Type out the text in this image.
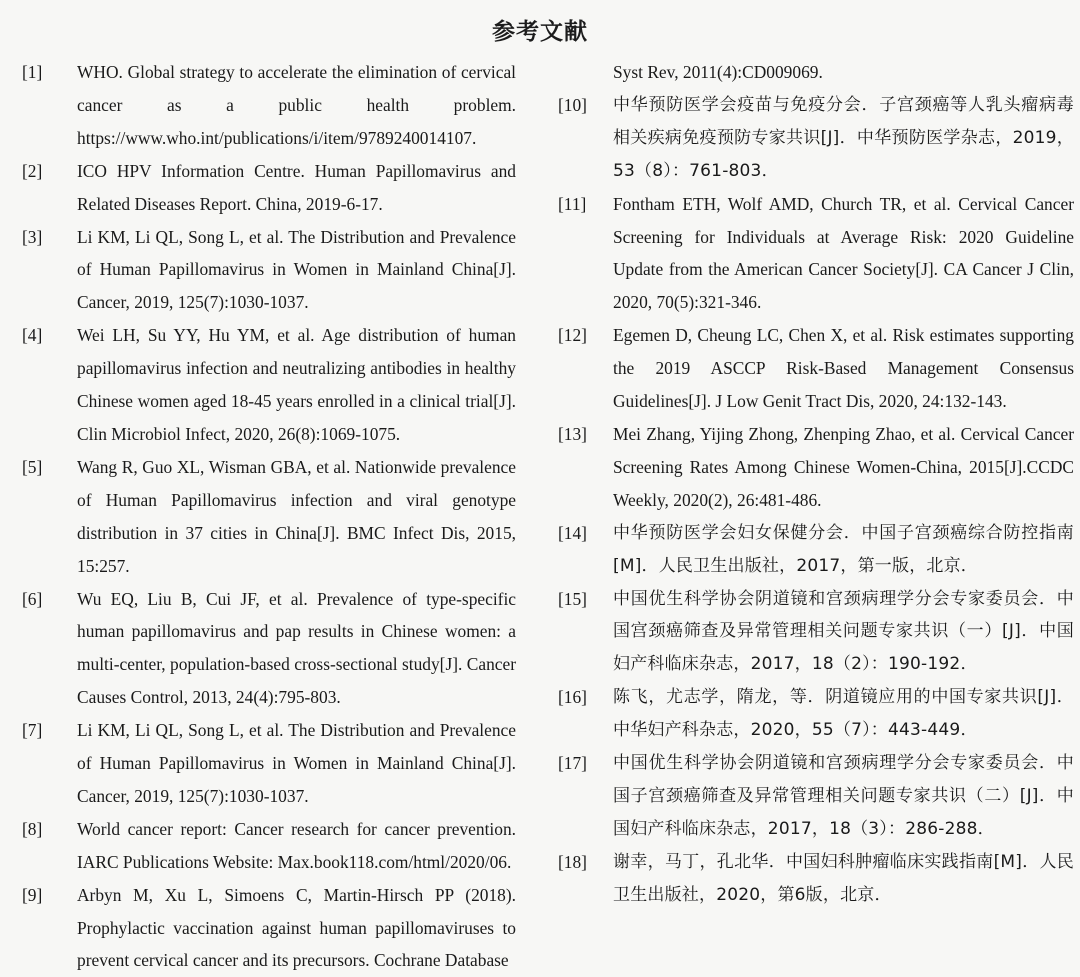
参考文献
[1]	WHO. Global strategy to accelerate the elimination of cervical cancer as a public health problem. https://www.who.int/publications/i/item/9789240014107.
[2]	ICO HPV Information Centre. Human Papillomavirus and Related Diseases Report. China, 2019-6-17.
[3]	Li KM, Li QL, Song L, et al. The Distribution and Prevalence of Human Papillomavirus in Women in Mainland China[J]. Cancer, 2019, 125(7):1030-1037.
[4]	Wei LH, Su YY, Hu YM, et al. Age distribution of human papillomavirus infection and neutralizing antibodies in healthy Chinese women aged 18-45 years enrolled in a clinical trial[J]. Clin Microbiol Infect, 2020, 26(8):1069-1075.
[5]	Wang R, Guo XL, Wisman GBA, et al. Nationwide prevalence of Human Papillomavirus infection and viral genotype distribution in 37 cities in China[J]. BMC Infect Dis, 2015, 15:257.
[6]	Wu EQ, Liu B, Cui JF, et al. Prevalence of type-specific human papillomavirus and pap results in Chinese women: a multi-center, population-based cross-sectional study[J]. Cancer Causes Control, 2013, 24(4):795-803.
[7]	Li KM, Li QL, Song L, et al. The Distribution and Prevalence of Human Papillomavirus in Women in Mainland China[J]. Cancer, 2019, 125(7):1030-1037.
[8]	World cancer report: Cancer research for cancer prevention. IARC Publications Website: Max.book118.com/html/2020/06.
[9]	Arbyn M, Xu L, Simoens C, Martin-Hirsch PP (2018). Prophylactic vaccination against human papillomaviruses to prevent cervical cancer and its precursors. Cochrane Database
Syst Rev, 2011(4):CD009069.
[10]	中华预防医学会疫苗与免疫分会．子宫颈癌等人乳头瘤病毒相关疾病免疫预防专家共识[J]．中华预防医学杂志，2019，53（8）：761-803．
[11]	Fontham ETH, Wolf AMD, Church TR, et al. Cervical Cancer Screening for Individuals at Average Risk: 2020 Guideline Update from the American Cancer Society[J]. CA Cancer J Clin, 2020, 70(5):321-346.
[12]	Egemen D, Cheung LC, Chen X, et al. Risk estimates supporting the 2019 ASCCP Risk-Based Management Consensus Guidelines[J]. J Low Genit Tract Dis, 2020, 24:132-143.
[13]	Mei Zhang, Yijing Zhong, Zhenping Zhao, et al. Cervical Cancer Screening Rates Among Chinese Women-China, 2015[J].CCDC Weekly, 2020(2), 26:481-486.
[14]	中华预防医学会妇女保健分会．中国子宫颈癌综合防控指南[M]．人民卫生出版社，2017，第一版，北京．
[15]	中国优生科学协会阴道镜和宫颈病理学分会专家委员会．中国宫颈癌筛查及异常管理相关问题专家共识（一）[J]．中国妇产科临床杂志，2017，18（2）：190-192．
[16]	陈飞，尤志学，隋龙，等．阴道镜应用的中国专家共识[J]．中华妇产科杂志，2020，55（7）：443-449．
[17]	中国优生科学协会阴道镜和宫颈病理学分会专家委员会．中国子宫颈癌筛查及异常管理相关问题专家共识（二）[J]．中国妇产科临床杂志，2017，18（3）：286-288．
[18]	谢幸，马丁，孔北华．中国妇科肿瘤临床实践指南[M]．人民卫生出版社，2020，第6版，北京．
